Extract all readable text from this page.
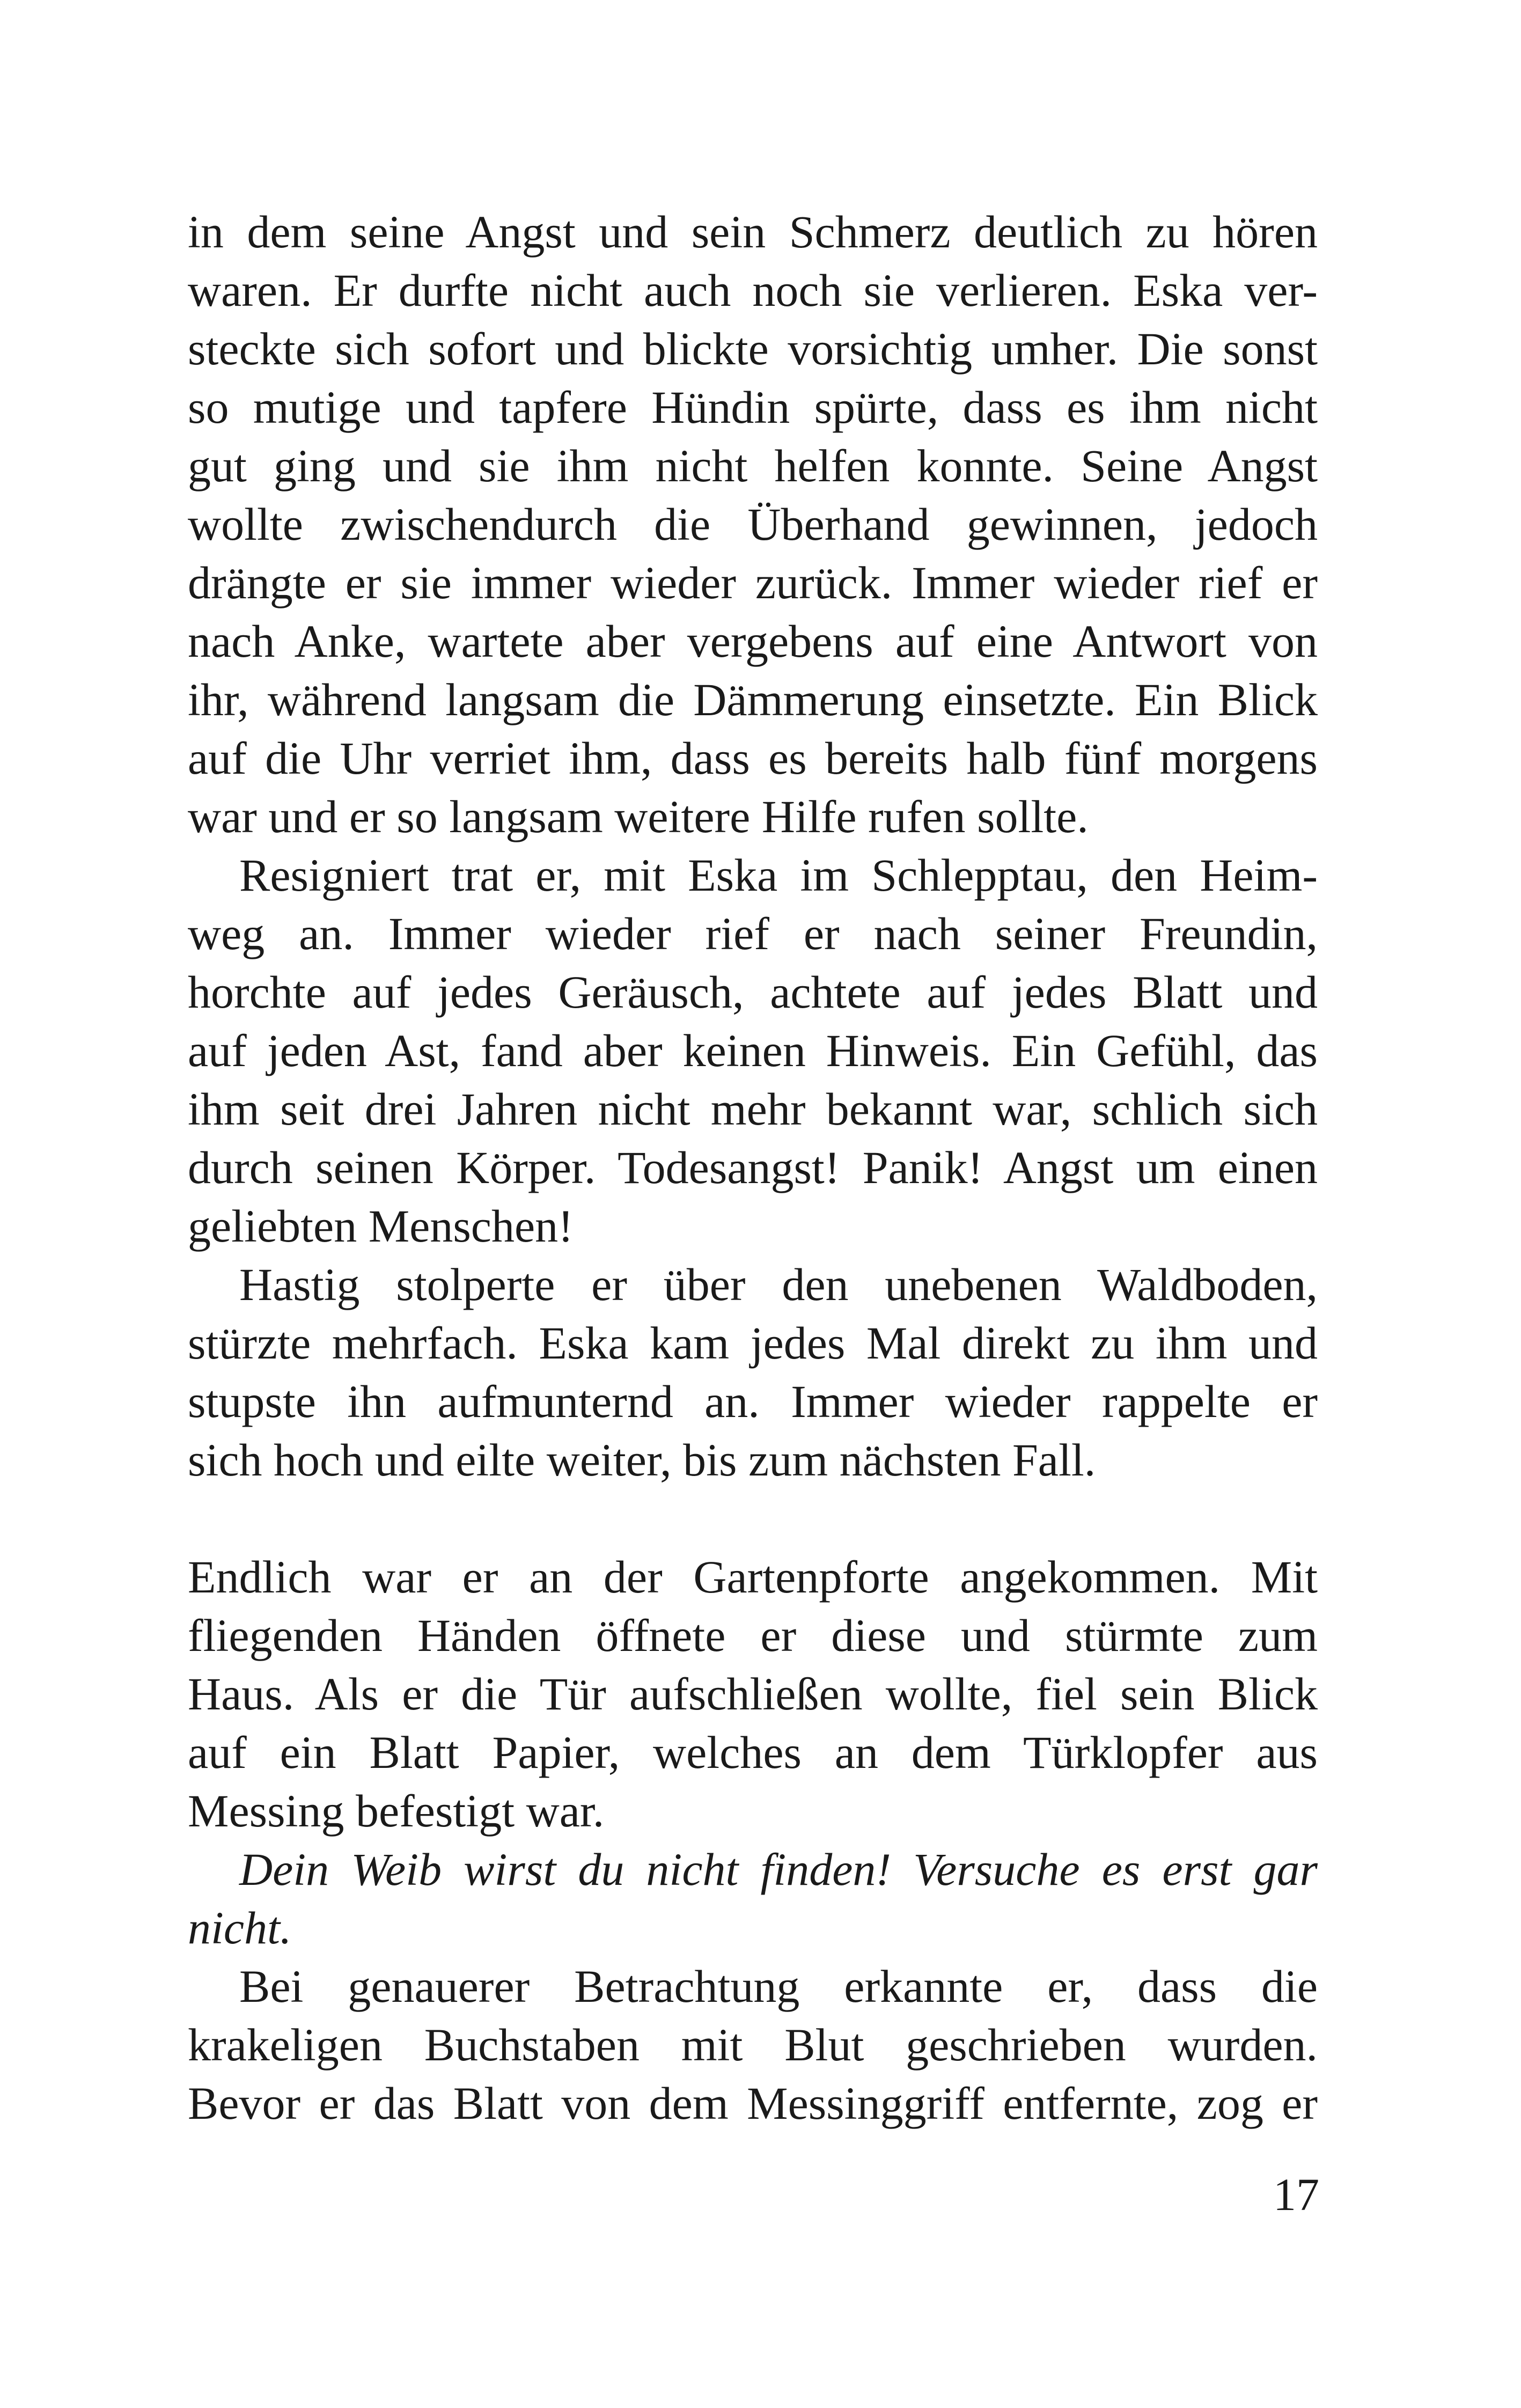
in dem seine Angst und sein Schmerz deutlich zu hören
waren. Er durfte nicht auch noch sie verlieren. Eska ver-
steckte sich sofort und blickte vorsichtig umher. Die sonst
so mutige und tapfere Hündin spürte, dass es ihm nicht
gut ging und sie ihm nicht helfen konnte. Seine Angst
wollte zwischendurch die Überhand gewinnen, jedoch
drängte er sie immer wieder zurück. Immer wieder rief er
nach Anke, wartete aber vergebens auf eine Antwort von
ihr, während langsam die Dämmerung einsetzte. Ein Blick
auf die Uhr verriet ihm, dass es bereits halb fünf morgens
war und er so langsam weitere Hilfe rufen sollte.
Resigniert trat er, mit Eska im Schlepptau, den Heim-
weg an. Immer wieder rief er nach seiner Freundin,
horchte auf jedes Geräusch, achtete auf jedes Blatt und
auf jeden Ast, fand aber keinen Hinweis. Ein Gefühl, das
ihm seit drei Jahren nicht mehr bekannt war, schlich sich
durch seinen Körper. Todesangst! Panik! Angst um einen
geliebten Menschen!
Hastig stolperte er über den unebenen Waldboden,
stürzte mehrfach. Eska kam jedes Mal direkt zu ihm und
stupste ihn aufmunternd an. Immer wieder rappelte er
sich hoch und eilte weiter, bis zum nächsten Fall.
Endlich war er an der Gartenpforte angekommen. Mit
fliegenden Händen öffnete er diese und stürmte zum
Haus. Als er die Tür aufschließen wollte, fiel sein Blick
auf ein Blatt Papier, welches an dem Türklopfer aus
Messing befestigt war.
Dein Weib wirst du nicht finden! Versuche es erst gar
nicht.
Bei genauerer Betrachtung erkannte er, dass die
krakeligen Buchstaben mit Blut geschrieben wurden.
Bevor er das Blatt von dem Messinggriff entfernte, zog er
17
